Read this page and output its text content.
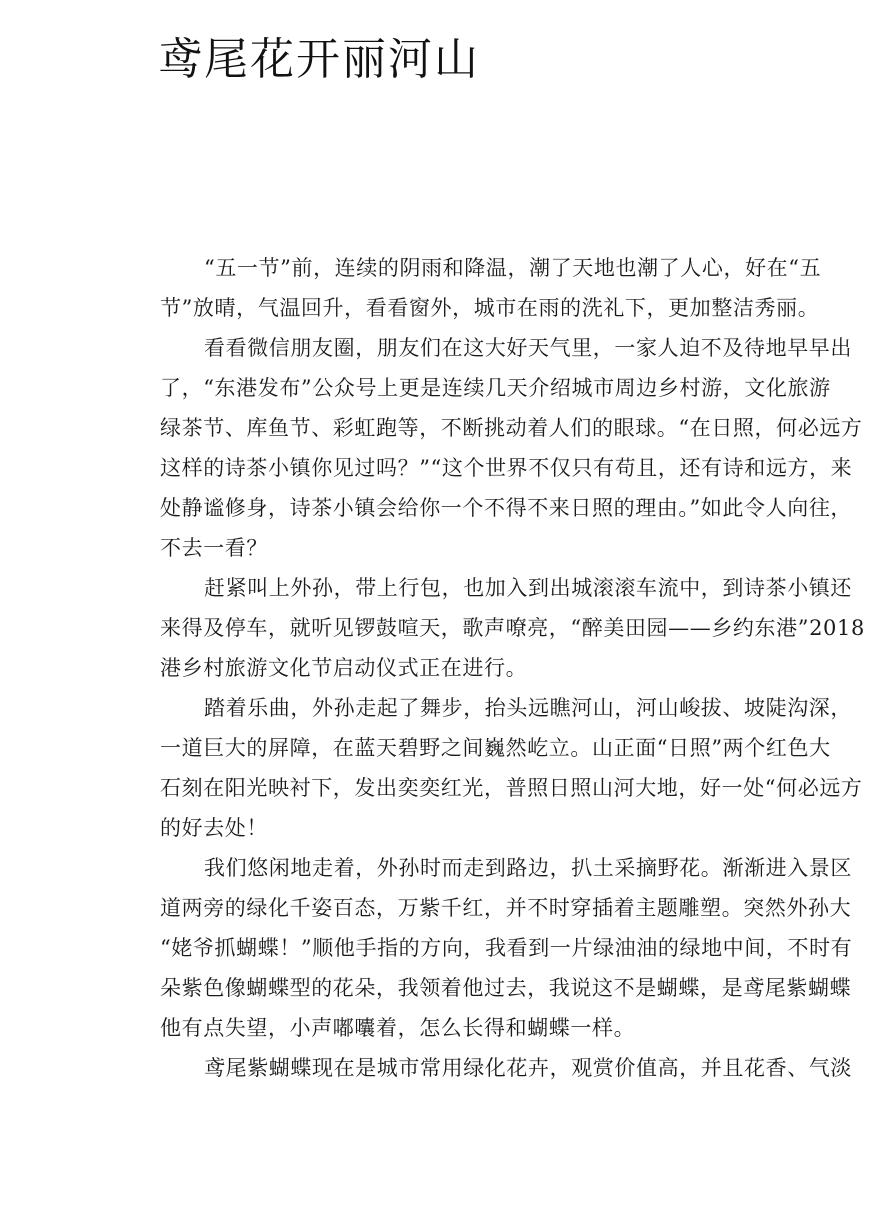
鸢尾花开丽河山
“五一节”前，连续的阴雨和降温，潮了天地也潮了人心，好在“五
节”放晴，气温回升，看看窗外，城市在雨的洗礼下，更加整洁秀丽。
看看微信朋友圈，朋友们在这大好天气里，一家人迫不及待地早早出
了，“东港发布”公众号上更是连续几天介绍城市周边乡村游，文化旅游
绿茶节、库鱼节、彩虹跑等，不断挑动着人们的眼球。“在日照，何必远方
这样的诗茶小镇你见过吗？”“这个世界不仅只有苟且，还有诗和远方，来
处静谧修身，诗茶小镇会给你一个不得不来日照的理由。”如此令人向往，
不去一看？
赶紧叫上外孙，带上行包，也加入到出城滚滚车流中，到诗茶小镇还
来得及停车，就听见锣鼓喧天，歌声嘹亮，“醉美田园——乡约东港”2018
港乡村旅游文化节启动仪式正在进行。
踏着乐曲，外孙走起了舞步，抬头远瞧河山，河山峻拔、坡陡沟深，
一道巨大的屏障，在蓝天碧野之间巍然屹立。山正面“日照”两个红色大
石刻在阳光映衬下，发出奕奕红光，普照日照山河大地，好一处“何必远方
的好去处！
我们悠闲地走着，外孙时而走到路边，扒土采摘野花。渐渐进入景区
道两旁的绿化千姿百态，万紫千红，并不时穿插着主题雕塑。突然外孙大
“姥爷抓蝴蝶！”顺他手指的方向，我看到一片绿油油的绿地中间，不时有
朵紫色像蝴蝶型的花朵，我领着他过去，我说这不是蝴蝶，是鸢尾紫蝴蝶
他有点失望，小声嘟囔着，怎么长得和蝴蝶一样。
鸢尾紫蝴蝶现在是城市常用绿化花卉，观赏价值高，并且花香、气淡
